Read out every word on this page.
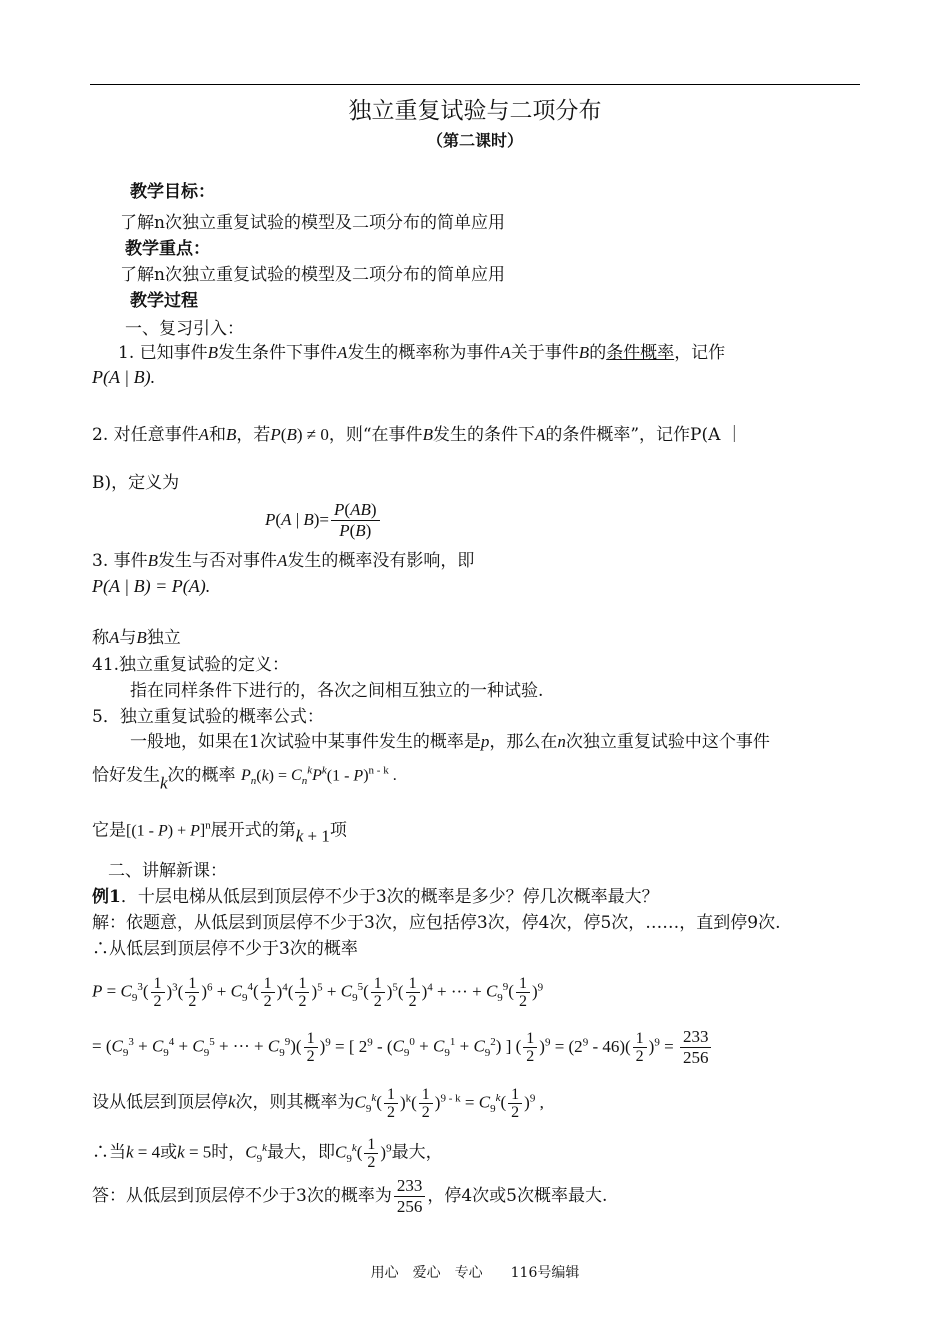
独立重复试验与二项分布
（第二课时）
教学目标：
了解n次独立重复试验的模型及二项分布的简单应用
教学重点：
了解n次独立重复试验的模型及二项分布的简单应用
教学过程
一、复习引入：
1. 已知事件B发生条件下事件A发生的概率称为事件A关于事件B的条件概率，记作
P(A | B).
2. 对任意事件A和B，若P(B) ≠ 0，则“在事件B发生的条件下A的条件概率”，记作P(A ｜
B)，定义为
P(A | $B)= \frac{P(AB)}{P(B)}$
3. 事件B发生与否对事件A发生的概率没有影响，即
P(A | B) = P(A).
称A与B独立
41.独立重复试验的定义：
指在同样条件下进行的，各次之间相互独立的一种试验.
5．独立重复试验的概率公式：
一般地，如果在1次试验中某事件发生的概率是p，那么在n次独立重复试验中这个事件
恰好发生k次的概率 $P_n(k) = C_n^kP^k(1 - P)^{n - k}$ .
它是$[(1 - P) + P]^n$展开式的第k + 1项
二、讲解新课：
例1．十层电梯从低层到顶层停不少于3次的概率是多少？停几次概率最大？
解：依题意，从低层到顶层停不少于3次，应包括停3次，停4次，停5次，……，直到停9次.
∴从低层到顶层停不少于3次的概率
$P = C_9^3( \frac{1}{2} )^3( \frac{1}{2} )^6 + C_9^4( \frac{1}{2} )^4( \frac{1}{2} )^5 + C_9^5( \frac{1}{2} )^5( \frac{1}{2} )^4$ + ··· + $C_9^9( \frac{1}{2} )^9$
= ($C_9^3 + C_9^4 + C_9^5$ + ··· + $C_9^9)( \frac{1}{2} )^9$ = [ $2^9 - (C_9^0 + C_9^1 + C_9^2)$ ] ( $\frac{1}{2} )^9 = (2^9 - 46)( \frac{1}{2} )^9 = \frac{233}{256}$
设从低层到顶层停k次，则其概率为$C_9^k( \frac{1}{2} )^k( \frac{1}{2} )^{9 - k} = C_9^k( \frac{1}{2} )^9$ ,
∴当k = 4或k = 5时，$C_9^k$最大，即$C_9^k( \frac{1}{2} )^9$最大，
答：从低层到顶层停不少于3次的概率为 $\frac{233}{256}$ ，停4次或5次概率最大.
用心　爱心　专心　　116号编辑
